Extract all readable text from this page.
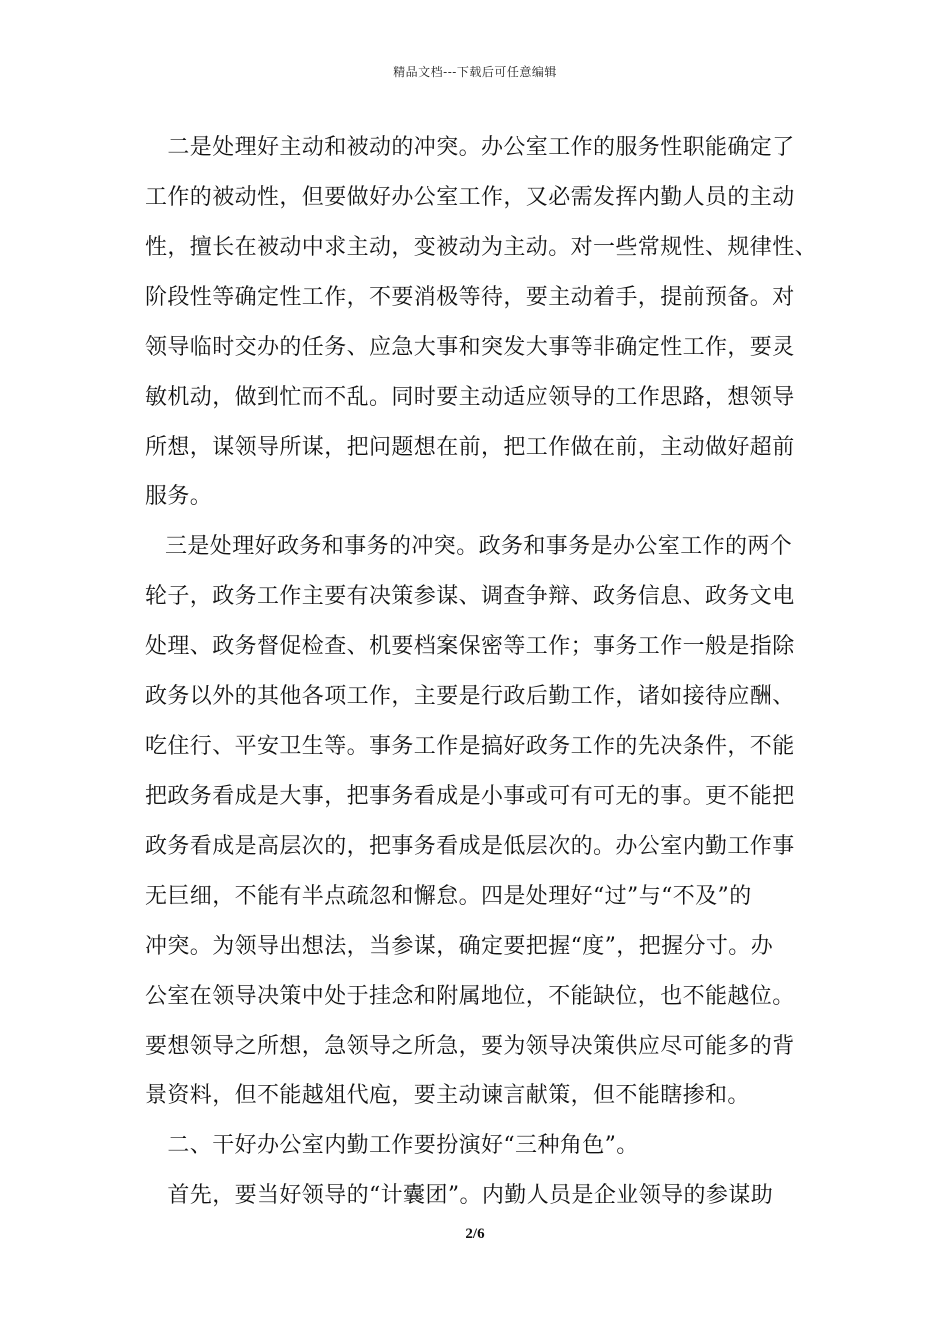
精品文档---下载后可任意编辑
　二是处理好主动和被动的冲突。办公室工作的服务性职能确定了
工作的被动性，但要做好办公室工作，又必需发挥内勤人员的主动
性，擅长在被动中求主动，变被动为主动。对一些常规性、规律性、
阶段性等确定性工作，不要消极等待，要主动着手，提前预备。对
领导临时交办的任务、应急大事和突发大事等非确定性工作，要灵
敏机动，做到忙而不乱。同时要主动适应领导的工作思路，想领导
所想，谋领导所谋，把问题想在前，把工作做在前，主动做好超前
服务。
三是处理好政务和事务的冲突。政务和事务是办公室工作的两个
轮子，政务工作主要有决策参谋、调查争辩、政务信息、政务文电
处理、政务督促检查、机要档案保密等工作；事务工作一般是指除
政务以外的其他各项工作，主要是行政后勤工作，诸如接待应酬、
吃住行、平安卫生等。事务工作是搞好政务工作的先决条件，不能
把政务看成是大事，把事务看成是小事或可有可无的事。更不能把
政务看成是高层次的，把事务看成是低层次的。办公室内勤工作事
无巨细，不能有半点疏忽和懈怠。四是处理好“过”与“不及”的
冲突。为领导出想法，当参谋，确定要把握“度”，把握分寸。办
公室在领导决策中处于挂念和附属地位，不能缺位，也不能越位。
要想领导之所想，急领导之所急，要为领导决策供应尽可能多的背
景资料，但不能越俎代庖，要主动谏言献策，但不能瞎掺和。
　二、干好办公室内勤工作要扮演好“三种角色”。
　首先，要当好领导的“计囊团”。内勤人员是企业领导的参谋助
2/6
